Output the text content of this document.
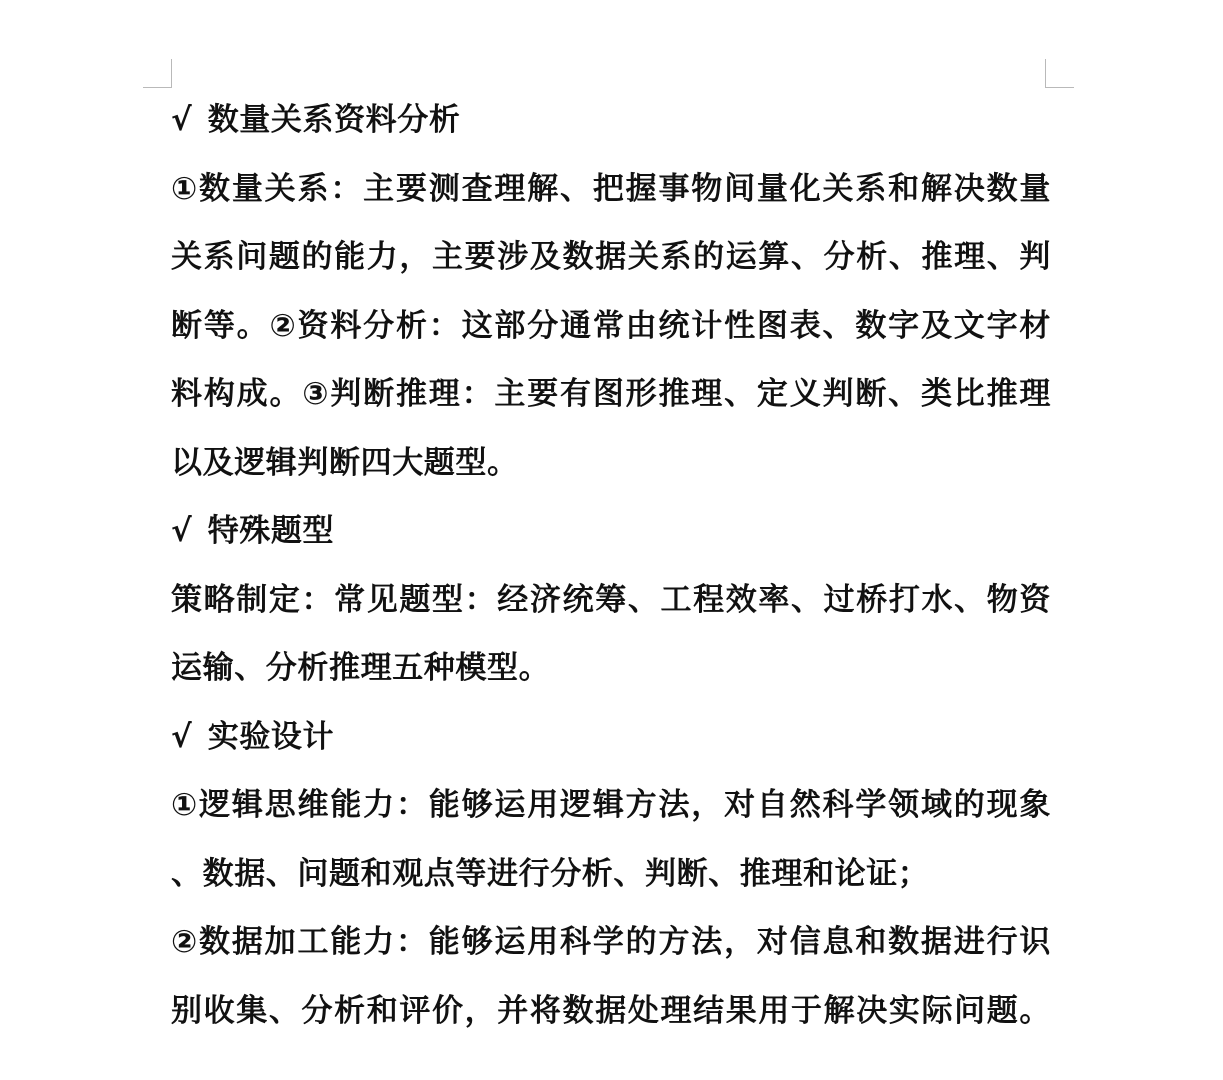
√ 数量关系资料分析
①数量关系：主要测查理解、把握事物间量化关系和解决数量
关系问题的能力，主要涉及数据关系的运算、分析、推理、判
断等。②资料分析：这部分通常由统计性图表、数字及文字材
料构成。③判断推理：主要有图形推理、定义判断、类比推理
以及逻辑判断四大题型。
√ 特殊题型
策略制定：常见题型：经济统筹、工程效率、过桥打水、物资
运输、分析推理五种模型。
√ 实验设计
①逻辑思维能力：能够运用逻辑方法，对自然科学领域的现象
、数据、问题和观点等进行分析、判断、推理和论证；
②数据加工能力：能够运用科学的方法，对信息和数据进行识
别收集、分析和评价，并将数据处理结果用于解决实际问题。
